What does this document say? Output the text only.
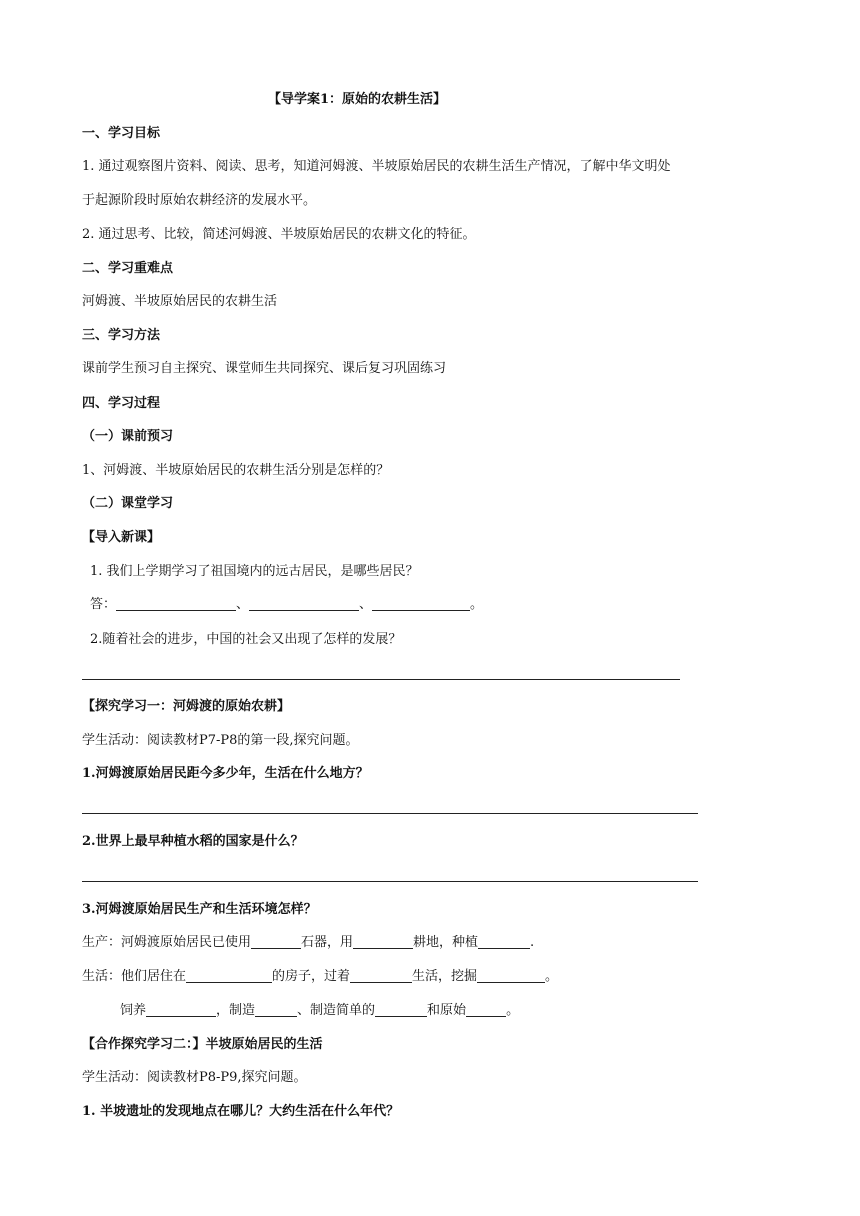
【导学案1：原始的农耕生活】
一、学习目标
1. 通过观察图片资料、阅读、思考，知道河姆渡、半坡原始居民的农耕生活生产情况，了解中华文明处
于起源阶段时原始农耕经济的发展水平。
2. 通过思考、比较，简述河姆渡、半坡原始居民的农耕文化的特征。
二、学习重难点
河姆渡、半坡原始居民的农耕生活
三、学习方法
课前学生预习自主探究、课堂师生共同探究、课后复习巩固练习
四、学习过程
（一）课前预习
1、河姆渡、半坡原始居民的农耕生活分别是怎样的？
（二）课堂学习
【导入新课】
1. 我们上学期学习了祖国境内的远古居民，是哪些居民？
答：	、	、	。
2.随着社会的进步，中国的社会又出现了怎样的发展？
【探究学习一：河姆渡的原始农耕】
学生活动：阅读教材P7-P8的第一段,探究问题。
1.河姆渡原始居民距今多少年，生活在什么地方？
2.世界上最早种植水稻的国家是什么？
3.河姆渡原始居民生产和生活环境怎样？
生产：河姆渡原始居民已使用	石器，用	耕地，种植	.
生活：他们居住在	的房子，过着	生活，挖掘	。
饲养	，制造	、制造简单的	和原始	。
【合作探究学习二：】半坡原始居民的生活
学生活动：阅读教材P8-P9,探究问题。
1. 半坡遗址的发现地点在哪儿？大约生活在什么年代？
